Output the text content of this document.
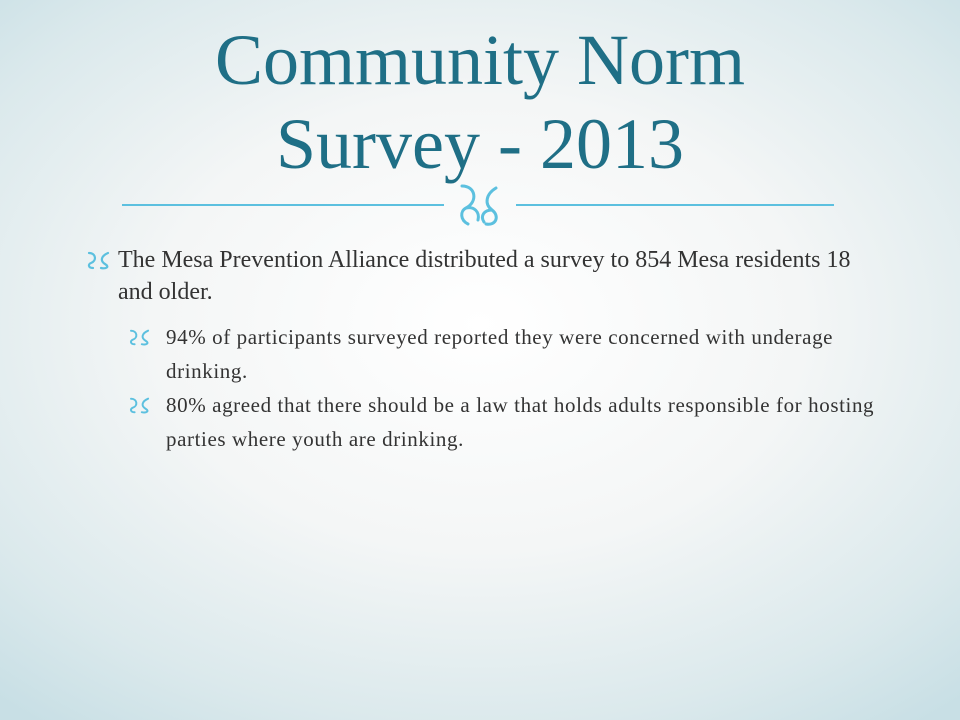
Community Norm
Survey - 2013
The Mesa Prevention Alliance distributed a survey to 854 Mesa residents 18 and older.
94% of participants surveyed reported they were concerned with underage drinking.
80% agreed that there should be a law that holds adults responsible for hosting parties where youth are drinking.
